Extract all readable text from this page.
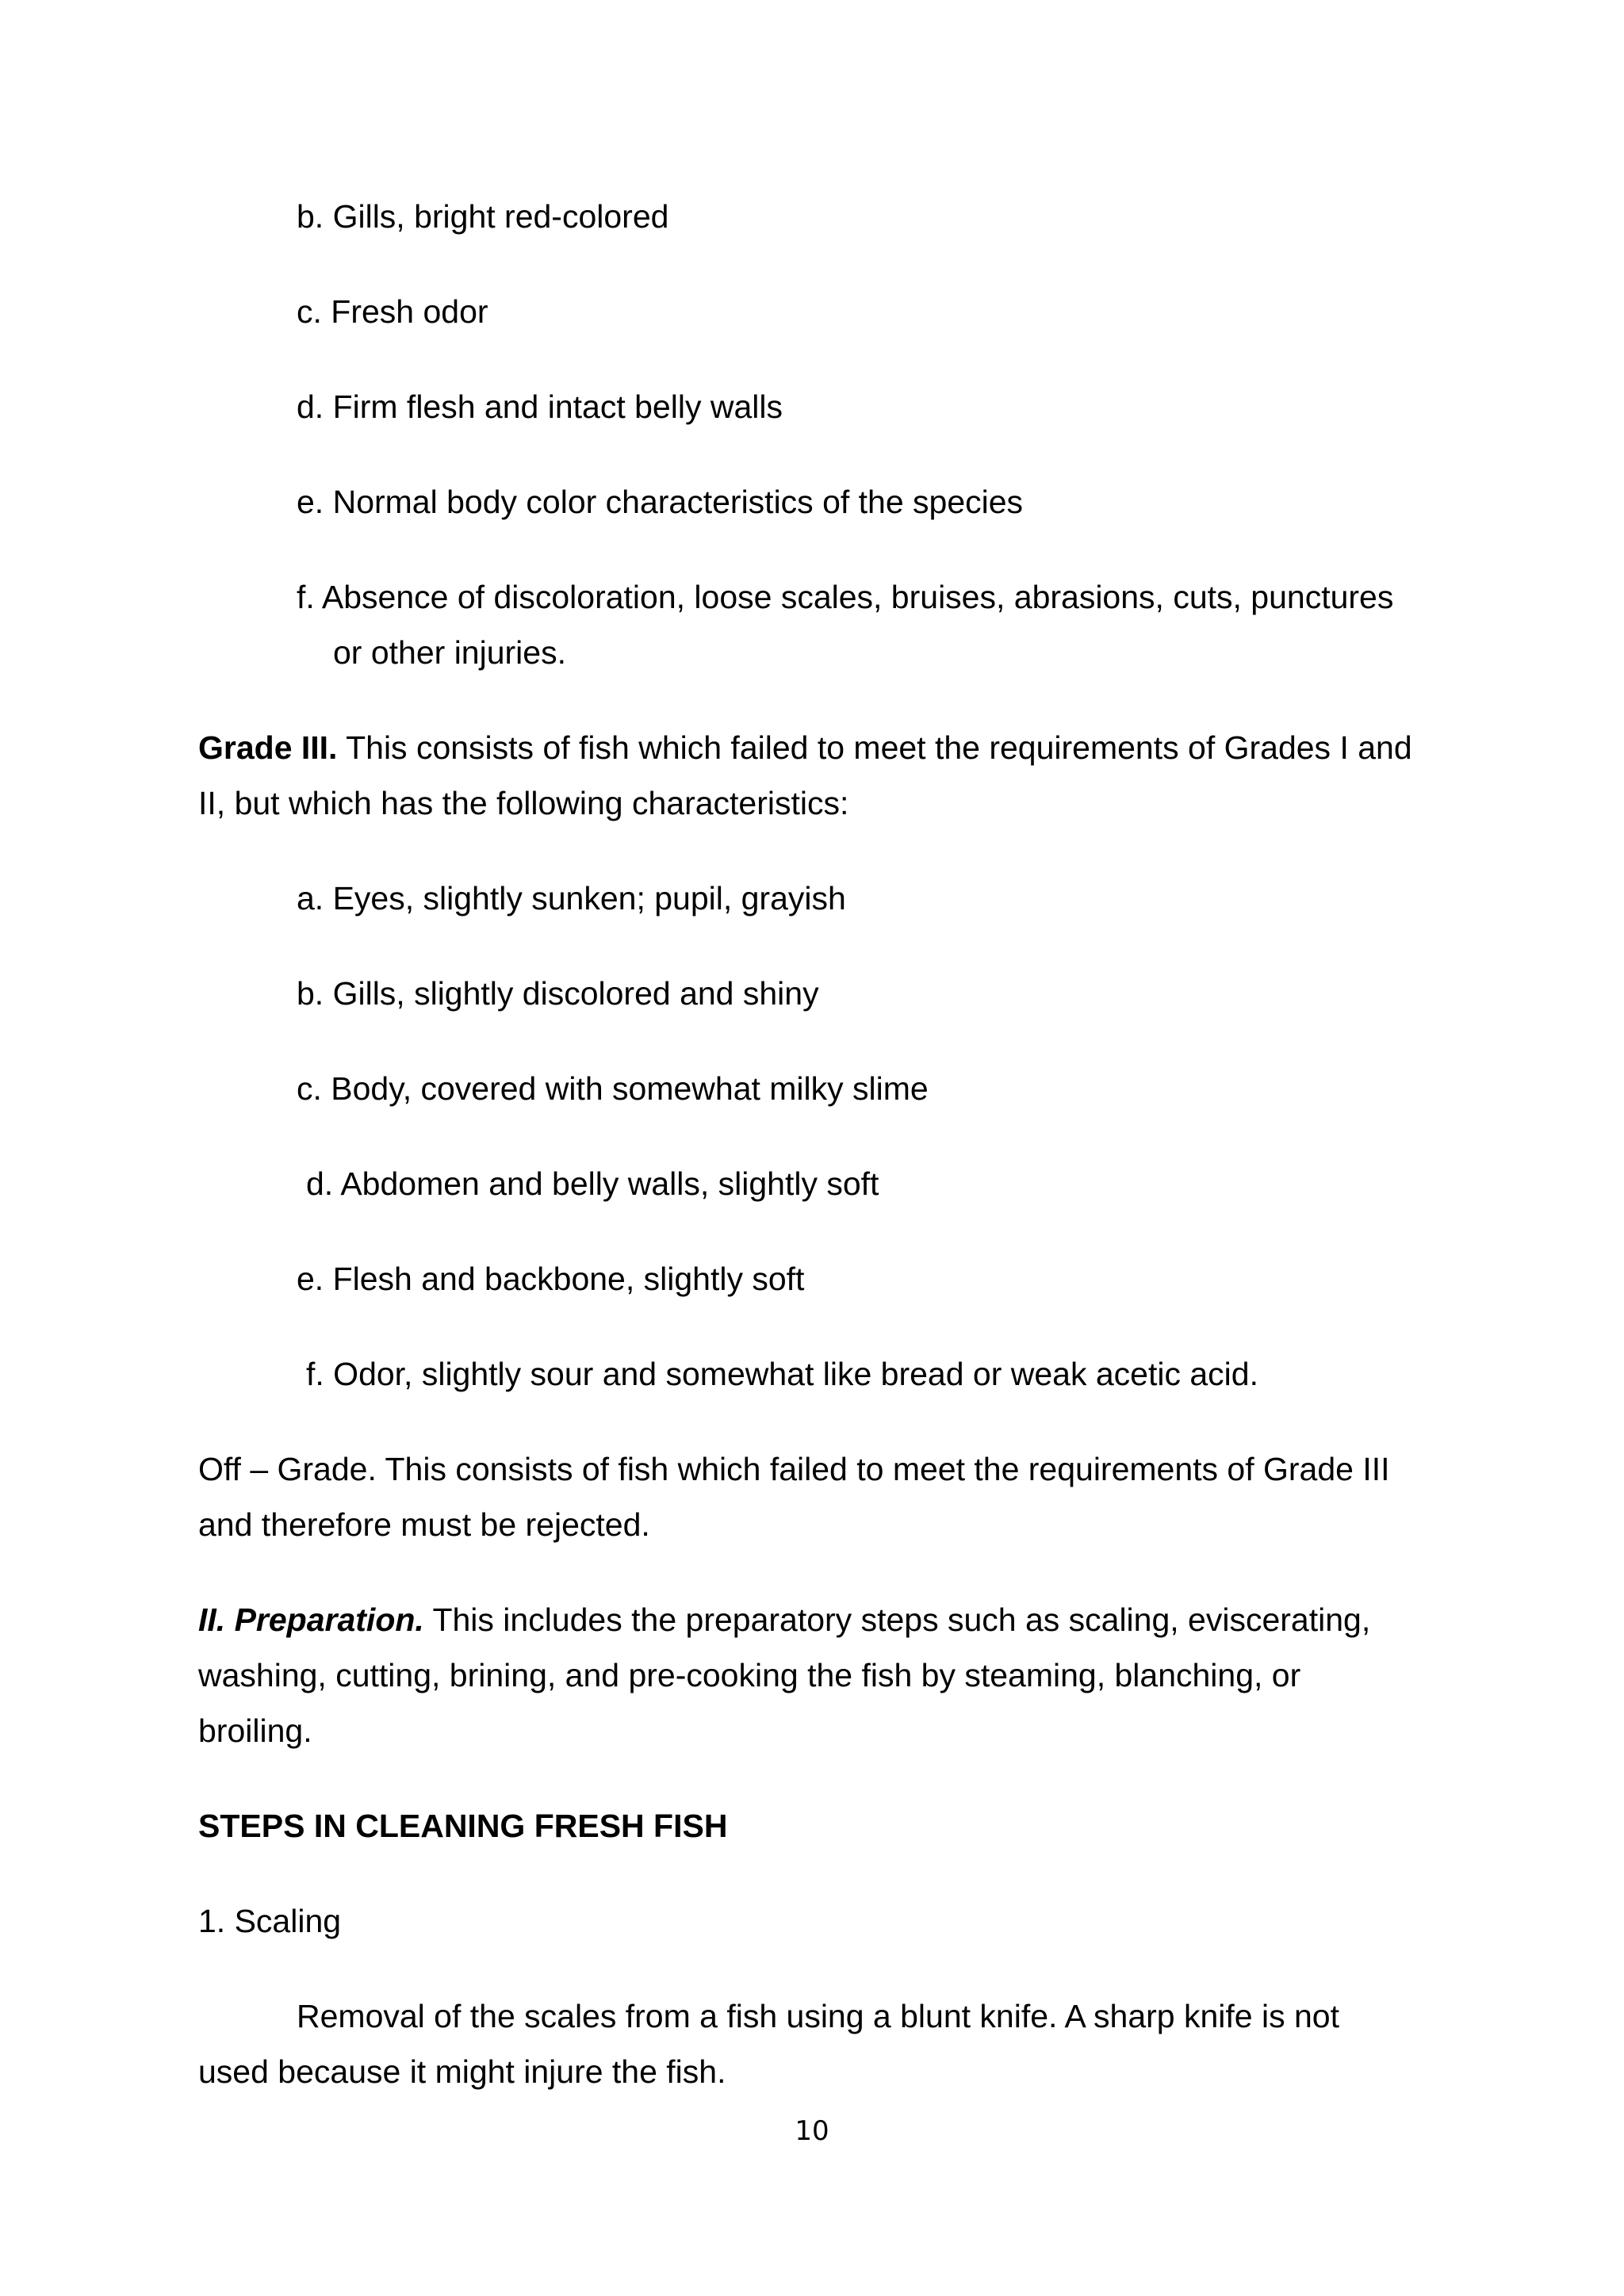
b. Gills, bright red-colored

c. Fresh odor

d. Firm flesh and intact belly walls

e. Normal body color characteristics of the species

f. Absence of discoloration, loose scales, bruises, abrasions, cuts, punctures

or other injuries.

Grade III. This consists of fish which failed to meet the requirements of Grades I and

II, but which has the following characteristics:

a. Eyes, slightly sunken; pupil, grayish

b. Gills, slightly discolored and shiny

c. Body, covered with somewhat milky slime

d. Abdomen and belly walls, slightly soft

e. Flesh and backbone, slightly soft

f. Odor, slightly sour and somewhat like bread or weak acetic acid.

Off – Grade. This consists of fish which failed to meet the requirements of Grade III

and therefore must be rejected.

II. Preparation. This includes the preparatory steps such as scaling, eviscerating,

washing, cutting, brining, and pre-cooking the fish by steaming, blanching, or

broiling.

STEPS IN CLEANING FRESH FISH

1. Scaling

Removal of the scales from a fish using a blunt knife. A sharp knife is not

used because it might injure the fish.

10
